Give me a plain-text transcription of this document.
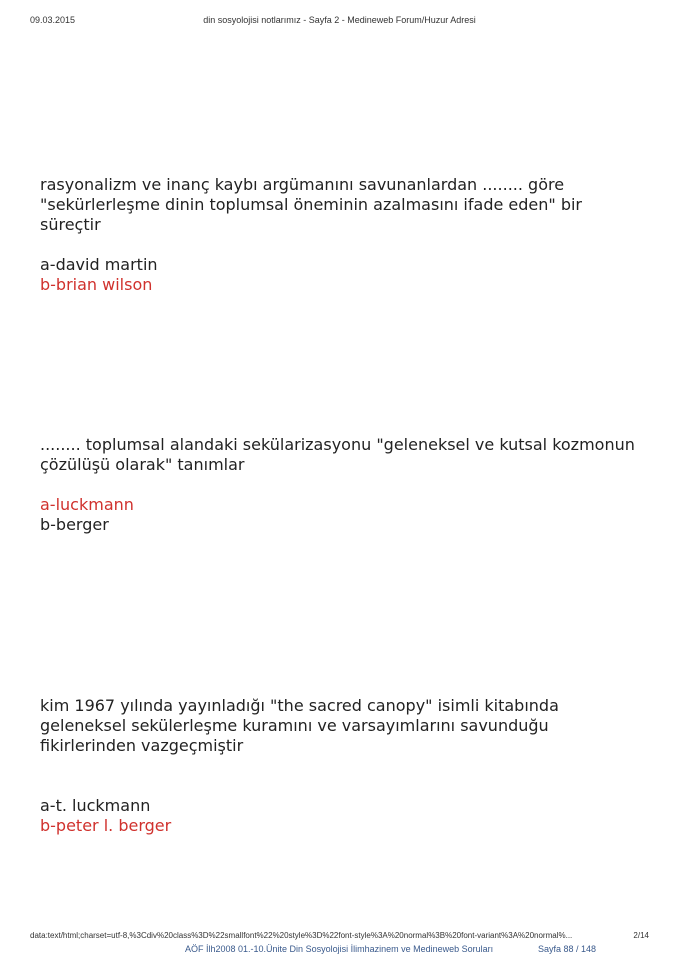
09.03.2015	din sosyolojisi notlarımız - Sayfa 2 - Medineweb Forum/Huzur Adresi

rasyonalizm ve inanç kaybı argümanını savunanlardan ........ göre "sekürlerleşme dinin toplumsal öneminin azalmasını ifade eden" bir süreçtir

a-david martin

b-brian wilson

........ toplumsal alandaki sekülarizasyonu "geleneksel ve kutsal kozmonun çözülüşü olarak" tanımlar

a-luckmann

b-berger

kim 1967 yılında yayınladığı "the sacred canopy" isimli kitabında geleneksel sekülerleşme kuramını ve varsayımlarını savunduğu fikirlerinden vazgeçmiştir

a-t. luckmann

b-peter l. berger

data:text/html;charset=utf-8,%3Cdiv%20class%3D%22smallfont%22%20style%3D%22font-style%3A%20normal%3B%20font-variant%3A%20normal%...	2/14
AÖF İlh2008 01.-10.Ünite Din Sosyolojisi İlimhazinem ve Medineweb Soruları	Sayfa 88 / 148
